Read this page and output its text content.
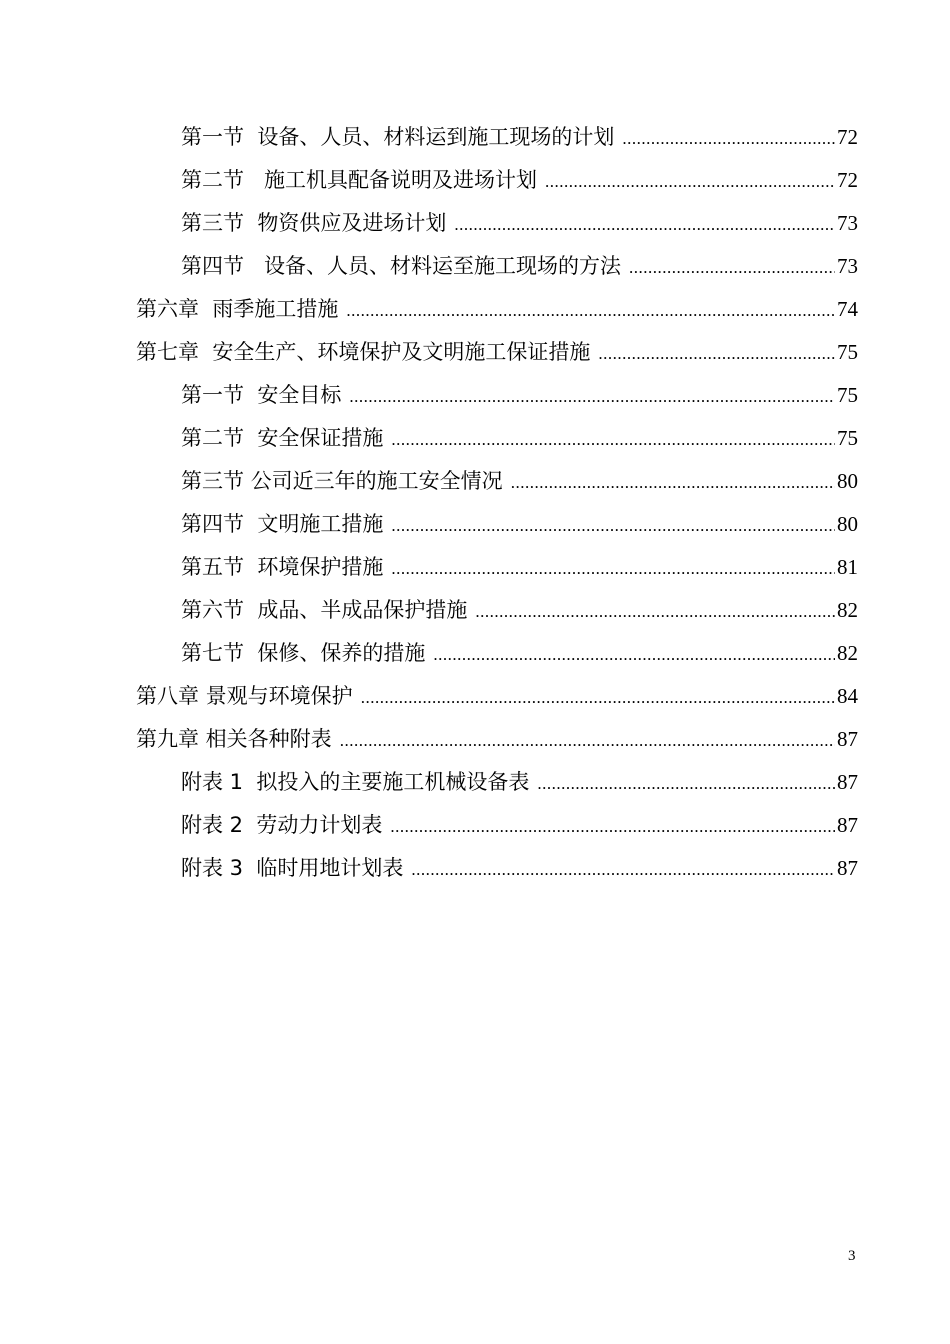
第一节  设备、人员、材料运到施工现场的计划 .....	72
第二节   施工机具配备说明及进场计划 .....	72
第三节  物资供应及进场计划 .....	73
第四节   设备、人员、材料运至施工现场的方法 .....	73
第六章  雨季施工措施 .....	74
第七章  安全生产、环境保护及文明施工保证措施 .....	75
第一节  安全目标 .....	75
第二节  安全保证措施 .....	75
第三节 公司近三年的施工安全情况 .....	80
第四节  文明施工措施 .....	80
第五节  环境保护措施 .....	81
第六节  成品、半成品保护措施 .....	82
第七节  保修、保养的措施 .....	82
第八章 景观与环境保护 .....	84
第九章 相关各种附表 .....	87
附表 1  拟投入的主要施工机械设备表 .....	87
附表 2  劳动力计划表 .....	87
附表 3  临时用地计划表 .....	87
3
